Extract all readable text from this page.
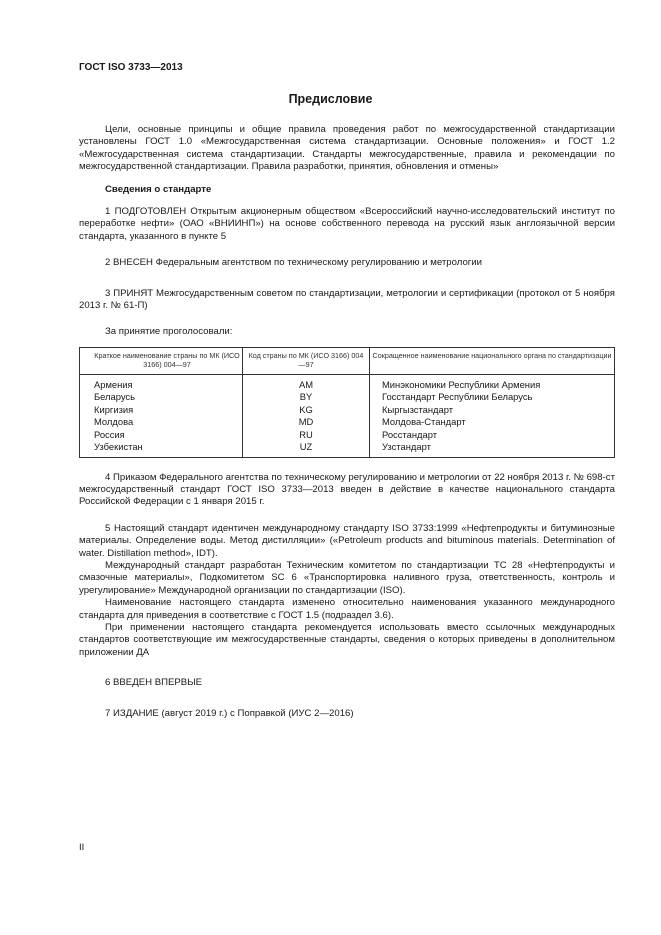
ГОСТ ISO 3733—2013
Предисловие

Цели, основные принципы и общие правила проведения работ по межгосударственной стандартизации установлены ГОСТ 1.0 «Межгосударственная система стандартизации. Основные положения» и ГОСТ 1.2 «Межгосударственная система стандартизации. Стандарты межгосударственные, правила и рекомендации по межгосударственной стандартизации. Правила разработки, принятия, обновления и отмены»

Сведения о стандарте

1 ПОДГОТОВЛЕН Открытым акционерным обществом «Всероссийский научно-исследовательский институт по переработке нефти» (ОАО «ВНИИНП») на основе собственного перевода на русский язык англоязычной версии стандарта, указанного в пункте 5

2 ВНЕСЕН Федеральным агентством по техническому регулированию и метрологии

3 ПРИНЯТ Межгосударственным советом по стандартизации, метрологии и сертификации (протокол от 5 ноября 2013 г. № 61-П)

За принятие проголосовали:

Краткое наименование страны по МК (ИСО 3166) 004—97	Код страны по МК (ИСО 3166) 004—97	Сокращенное наименование национального органа по стандартизации
Армения	AM	Минэкономики Республики Армения
Беларусь	BY	Госстандарт Республики Беларусь
Киргизия	KG	Кыргызстандарт
Молдова	MD	Молдова-Стандарт
Россия	RU	Росстандарт
Узбекистан	UZ	Узстандарт

4 Приказом Федерального агентства по техническому регулированию и метрологии от 22 ноября 2013 г. № 698-ст межгосударственный стандарт ГОСТ ISO 3733—2013 введен в действие в качестве национального стандарта Российской Федерации с 1 января 2015 г.

5 Настоящий стандарт идентичен международному стандарту ISO 3733:1999 «Нефтепродукты и битуминозные материалы. Определение воды. Метод дистилляции» («Petroleum products and bituminous materials. Determination of water. Distillation method», IDT).

Международный стандарт разработан Техническим комитетом по стандартизации TC 28 «Нефтепродукты и смазочные материалы», Подкомитетом SC 6 «Транспортировка наливного груза, ответственность, контроль и урегулирование» Международной организации по стандартизации (ISO).

Наименование настоящего стандарта изменено относительно наименования указанного международного стандарта для приведения в соответствие с ГОСТ 1.5 (подраздел 3.6).

При применении настоящего стандарта рекомендуется использовать вместо ссылочных международных стандартов соответствующие им межгосударственные стандарты, сведения о которых приведены в дополнительном приложении ДА

6 ВВЕДЕН ВПЕРВЫЕ

7 ИЗДАНИЕ (август 2019 г.) с Поправкой (ИУС 2—2016)

II
